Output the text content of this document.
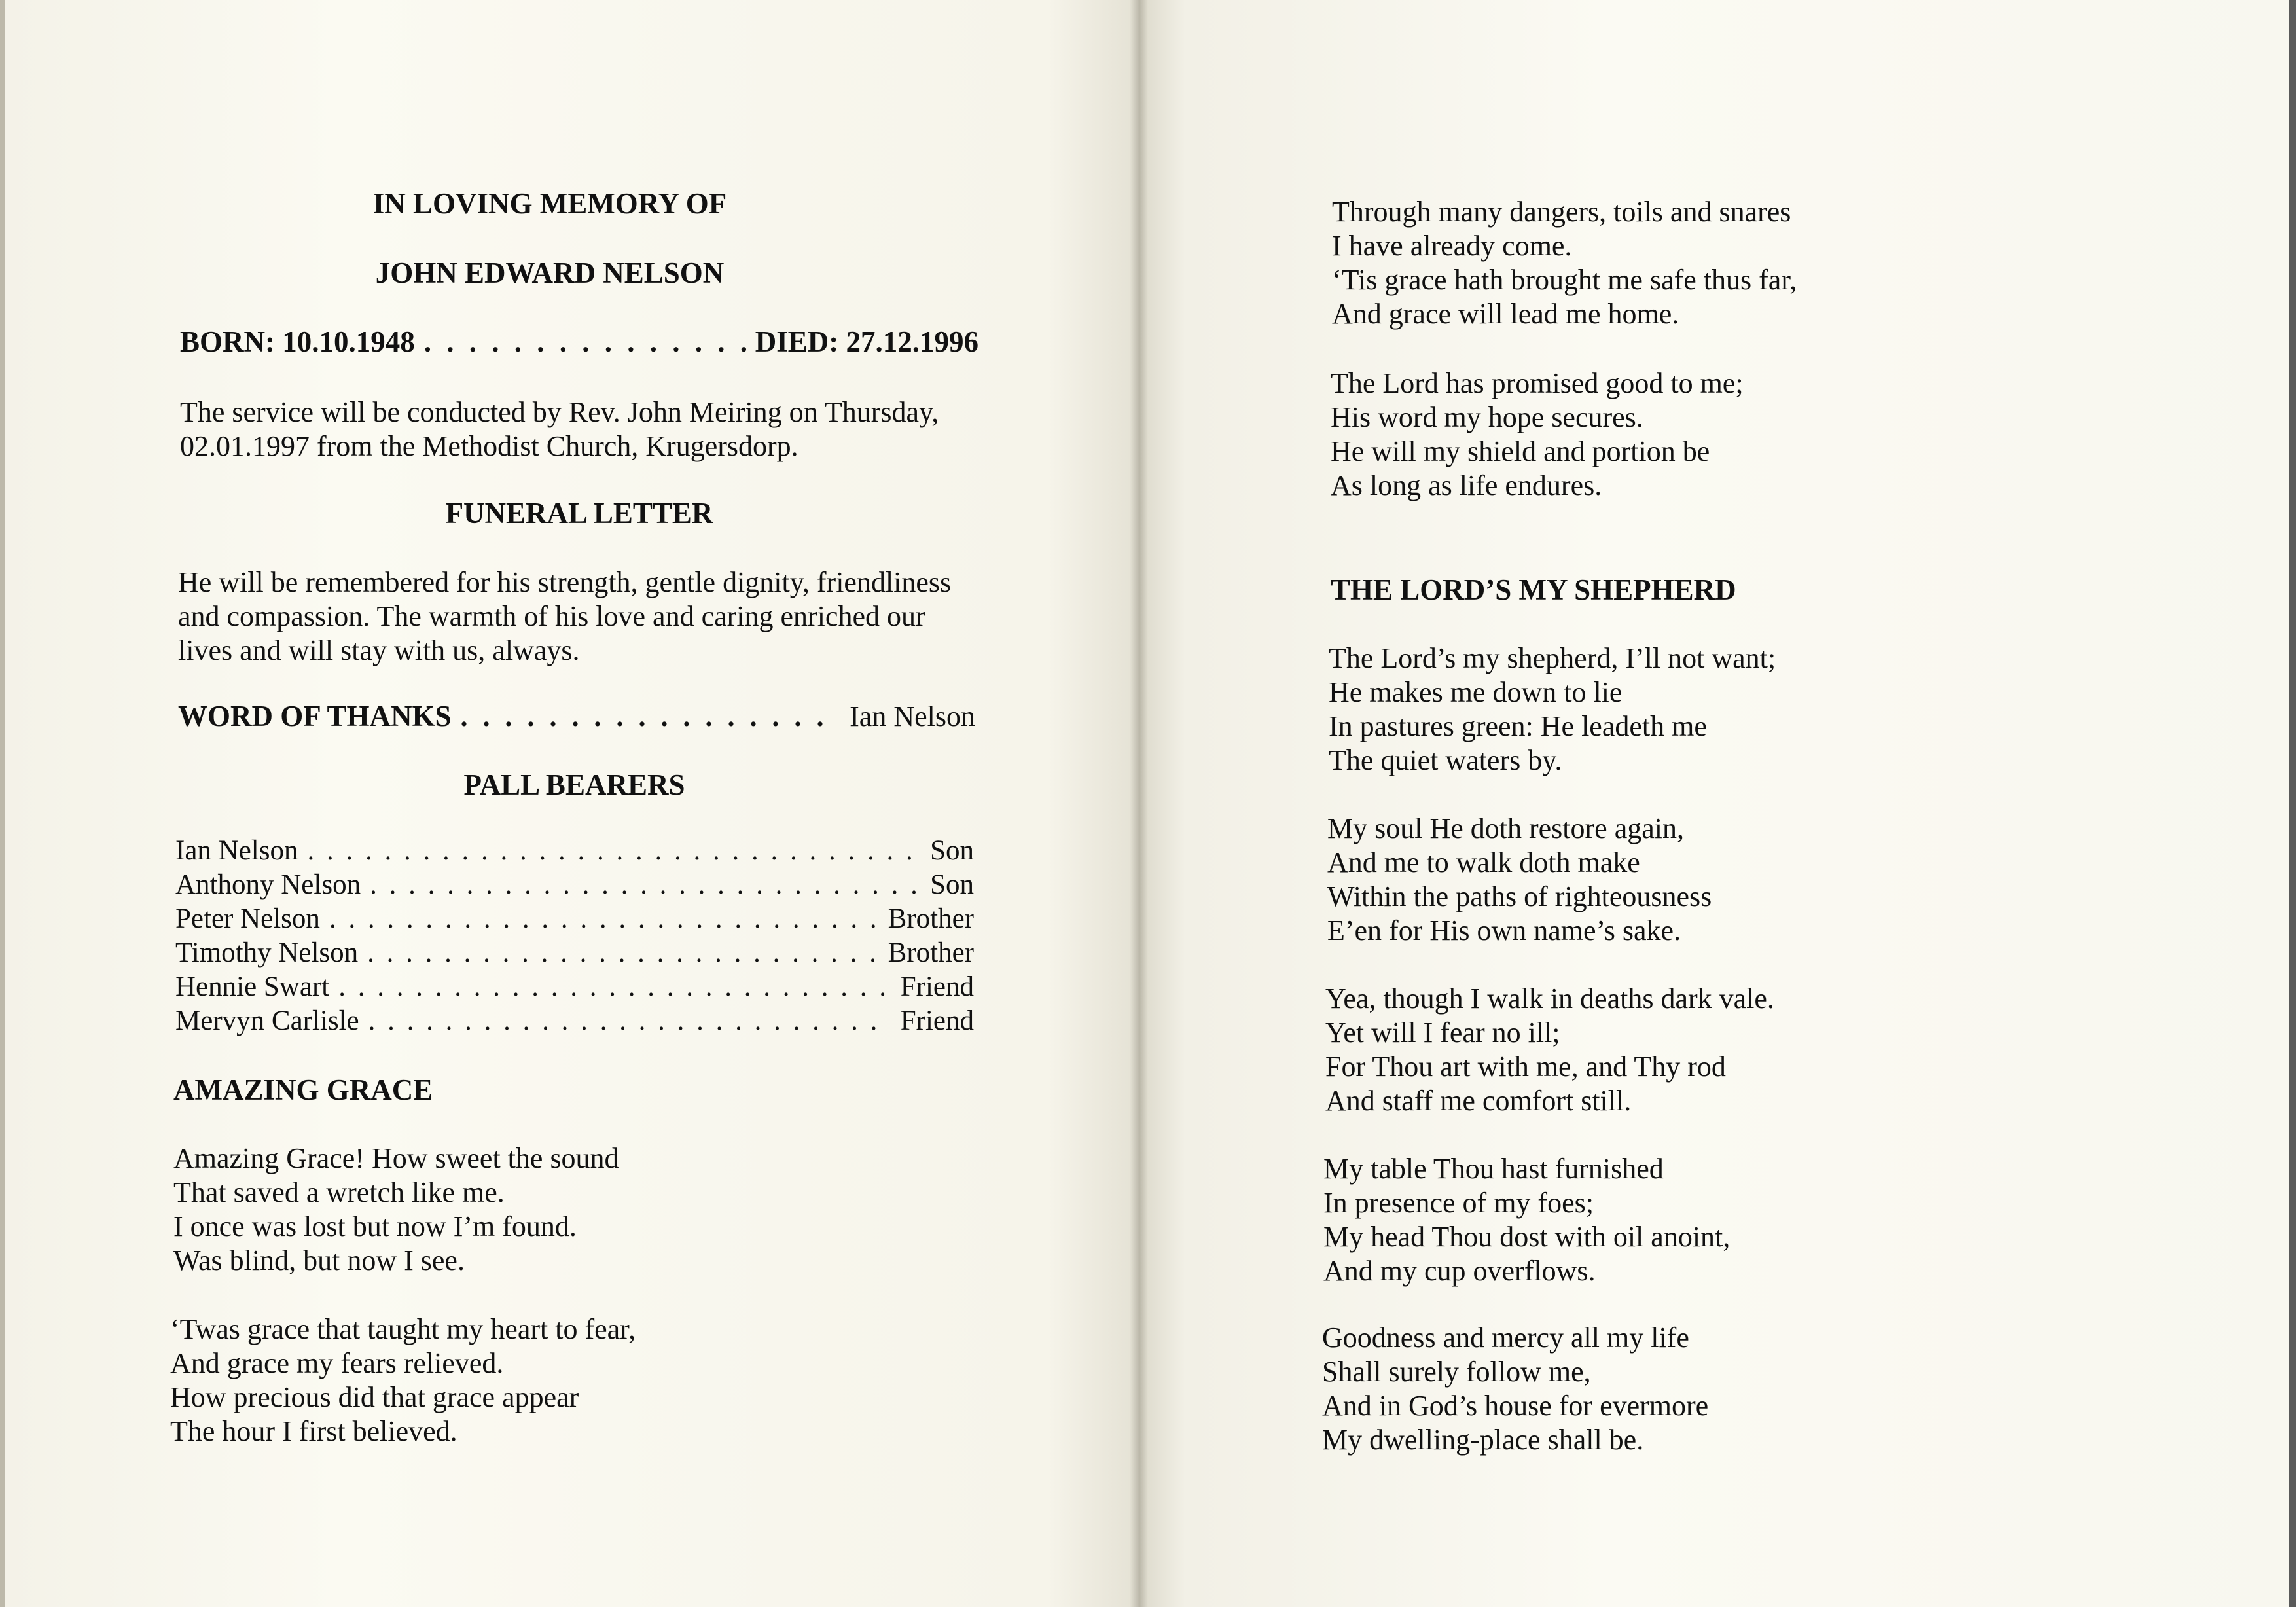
IN LOVING MEMORY OF
JOHN EDWARD NELSON
BORN: 10.10.1948 . . .	DIED: 27.12.1996
The service will be conducted by Rev. John Meiring on Thursday,
02.01.1997 from the Methodist Church, Krugersdorp.
FUNERAL LETTER
He will be remembered for his strength, gentle dignity, friendliness
and compassion. The warmth of his love and caring enriched our
lives and will stay with us, always.
WORD OF THANKS . . .	Ian Nelson
PALL BEARERS
Ian Nelson . . .	Son
Anthony Nelson . . .	Son
Peter Nelson . . .	Brother
Timothy Nelson . . .	Brother
Hennie Swart . . .	Friend
Mervyn Carlisle . . .	Friend
AMAZING GRACE
Amazing Grace! How sweet the sound
That saved a wretch like me.
I once was lost but now I’m found.
Was blind, but now I see.
‘Twas grace that taught my heart to fear,
And grace my fears relieved.
How precious did that grace appear
The hour I first believed.
Through many dangers, toils and snares
I have already come.
‘Tis grace hath brought me safe thus far,
And grace will lead me home.
The Lord has promised good to me;
His word my hope secures.
He will my shield and portion be
As long as life endures.
THE LORD’S MY SHEPHERD
The Lord’s my shepherd, I’ll not want;
He makes me down to lie
In pastures green: He leadeth me
The quiet waters by.
My soul He doth restore again,
And me to walk doth make
Within the paths of righteousness
E’en for His own name’s sake.
Yea, though I walk in deaths dark vale.
Yet will I fear no ill;
For Thou art with me, and Thy rod
And staff me comfort still.
My table Thou hast furnished
In presence of my foes;
My head Thou dost with oil anoint,
And my cup overflows.
Goodness and mercy all my life
Shall surely follow me,
And in God’s house for evermore
My dwelling-place shall be.
